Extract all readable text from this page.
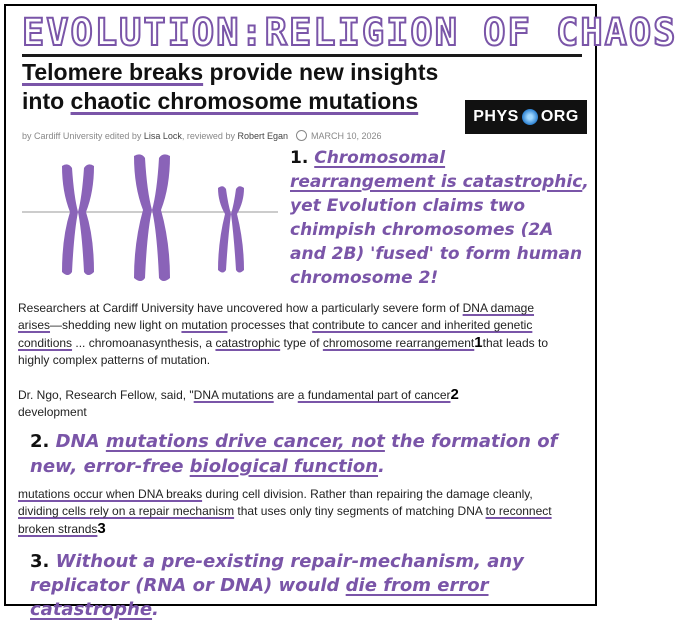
EVOLUTION:RELIGION OF CHAOS
Telomere breaks provide new insights into chaotic chromosome mutations
PHYS ORG
by Cardiff University edited by Lisa Lock, reviewed by Robert Egan	MARCH 10, 2026
1. Chromosomal rearrangement is catastrophic, yet Evolution claims two chimpish chromosomes (2A and 2B) 'fused' to form human chromosome 2!
Researchers at Cardiff University have uncovered how a particularly severe form of DNA damage arises—shedding new light on mutation processes that contribute to cancer and inherited genetic conditions ... chromoanasynthesis, a catastrophic type of chromosome rearrangement1that leads to highly complex patterns of mutation.
Dr. Ngo, Research Fellow, said, "DNA mutations are a fundamental part of cancer2
development
2. DNA mutations drive cancer, not the formation of new, error-free biological function.
mutations occur when DNA breaks during cell division. Rather than repairing the damage cleanly, dividing cells rely on a repair mechanism that uses only tiny segments of matching DNA to reconnect broken strands3
3. Without a pre-existing repair-mechanism, any replicator (RNA or DNA) would die from error catastrophe.
